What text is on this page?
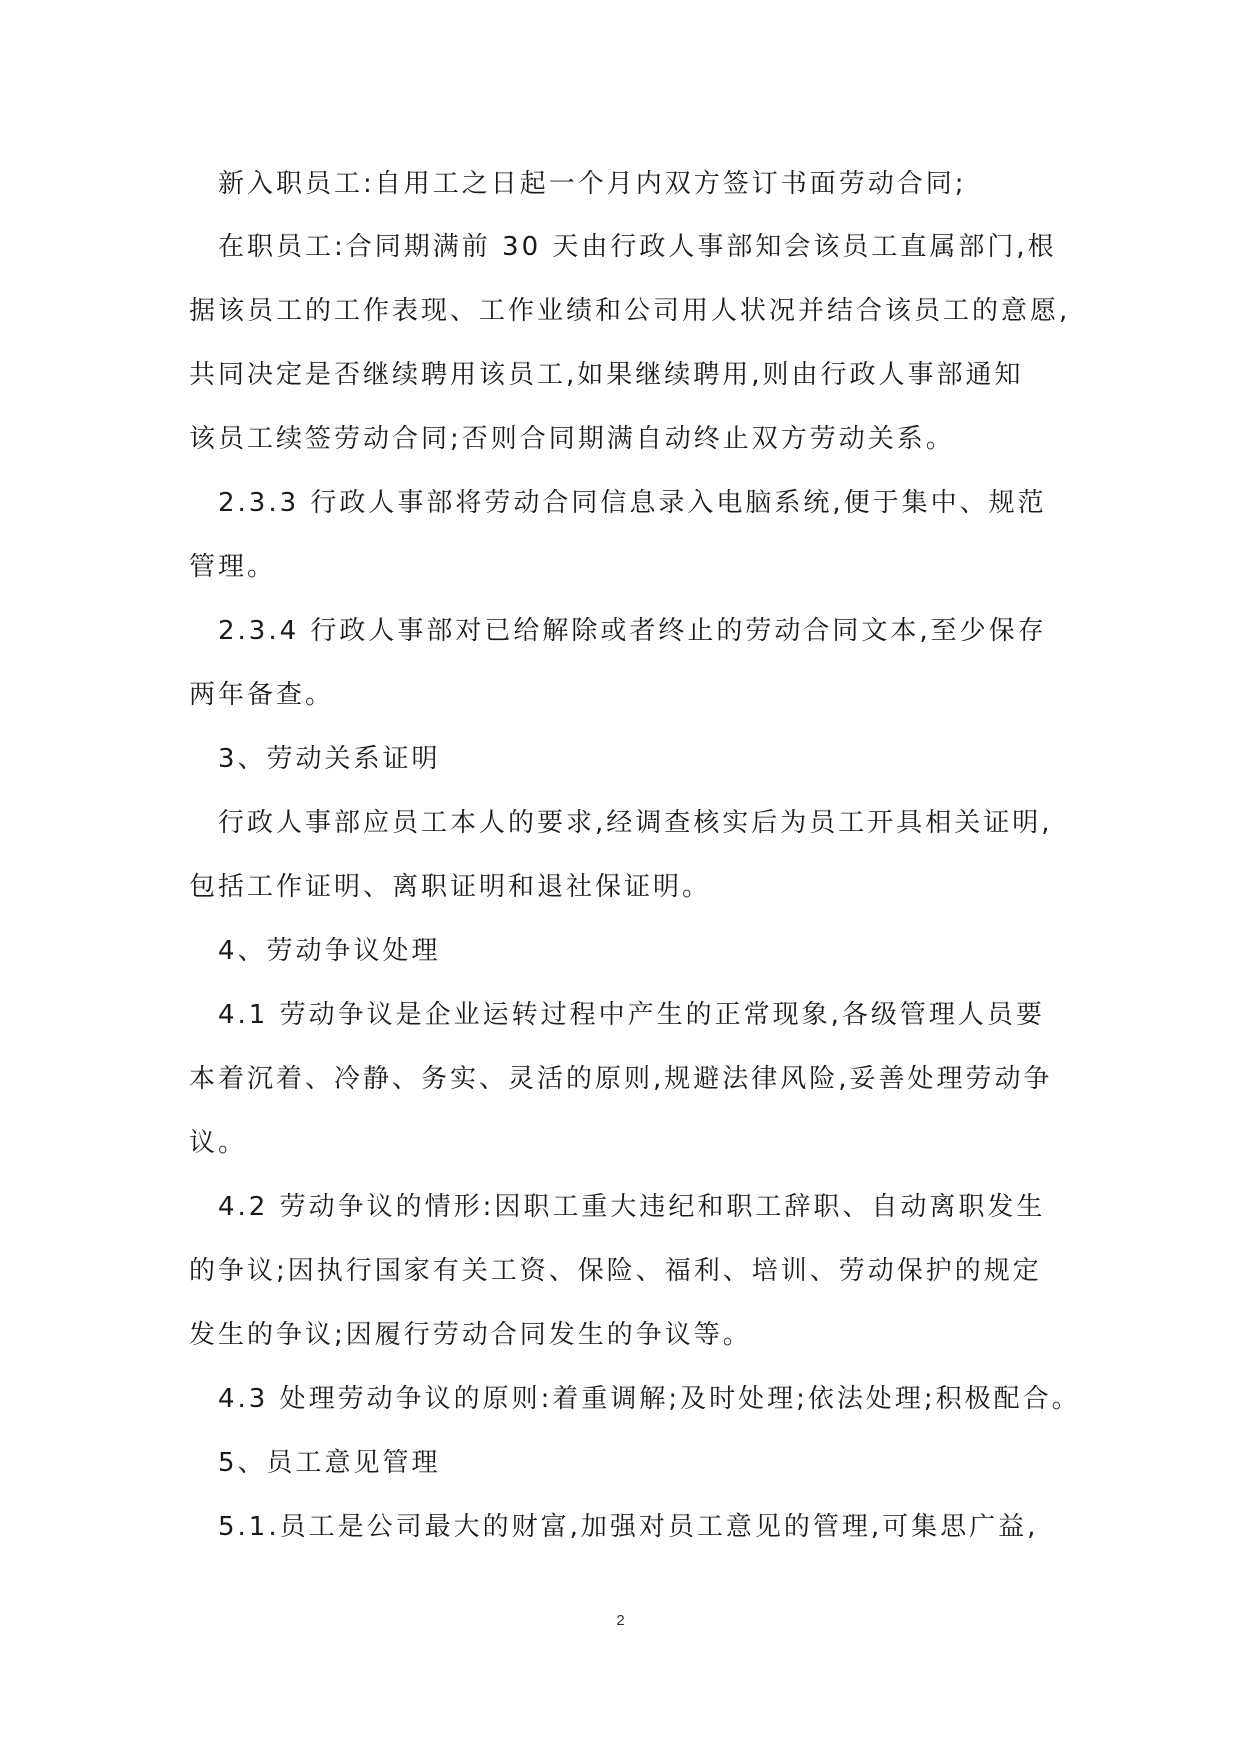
新入职员工:自用工之日起一个月内双方签订书面劳动合同;
在职员工:合同期满前 30 天由行政人事部知会该员工直属部门,根
据该员工的工作表现、工作业绩和公司用人状况并结合该员工的意愿,
共同决定是否继续聘用该员工,如果继续聘用,则由行政人事部通知
该员工续签劳动合同;否则合同期满自动终止双方劳动关系。
2.3.3 行政人事部将劳动合同信息录入电脑系统,便于集中、规范
管理。
2.3.4 行政人事部对已给解除或者终止的劳动合同文本,至少保存
两年备查。
3、劳动关系证明
行政人事部应员工本人的要求,经调查核实后为员工开具相关证明,
包括工作证明、离职证明和退社保证明。
4、劳动争议处理
4.1 劳动争议是企业运转过程中产生的正常现象,各级管理人员要
本着沉着、冷静、务实、灵活的原则,规避法律风险,妥善处理劳动争
议。
4.2 劳动争议的情形:因职工重大违纪和职工辞职、自动离职发生
的争议;因执行国家有关工资、保险、福利、培训、劳动保护的规定
发生的争议;因履行劳动合同发生的争议等。
4.3 处理劳动争议的原则:着重调解;及时处理;依法处理;积极配合。
5、员工意见管理
5.1.员工是公司最大的财富,加强对员工意见的管理,可集思广益,
2
